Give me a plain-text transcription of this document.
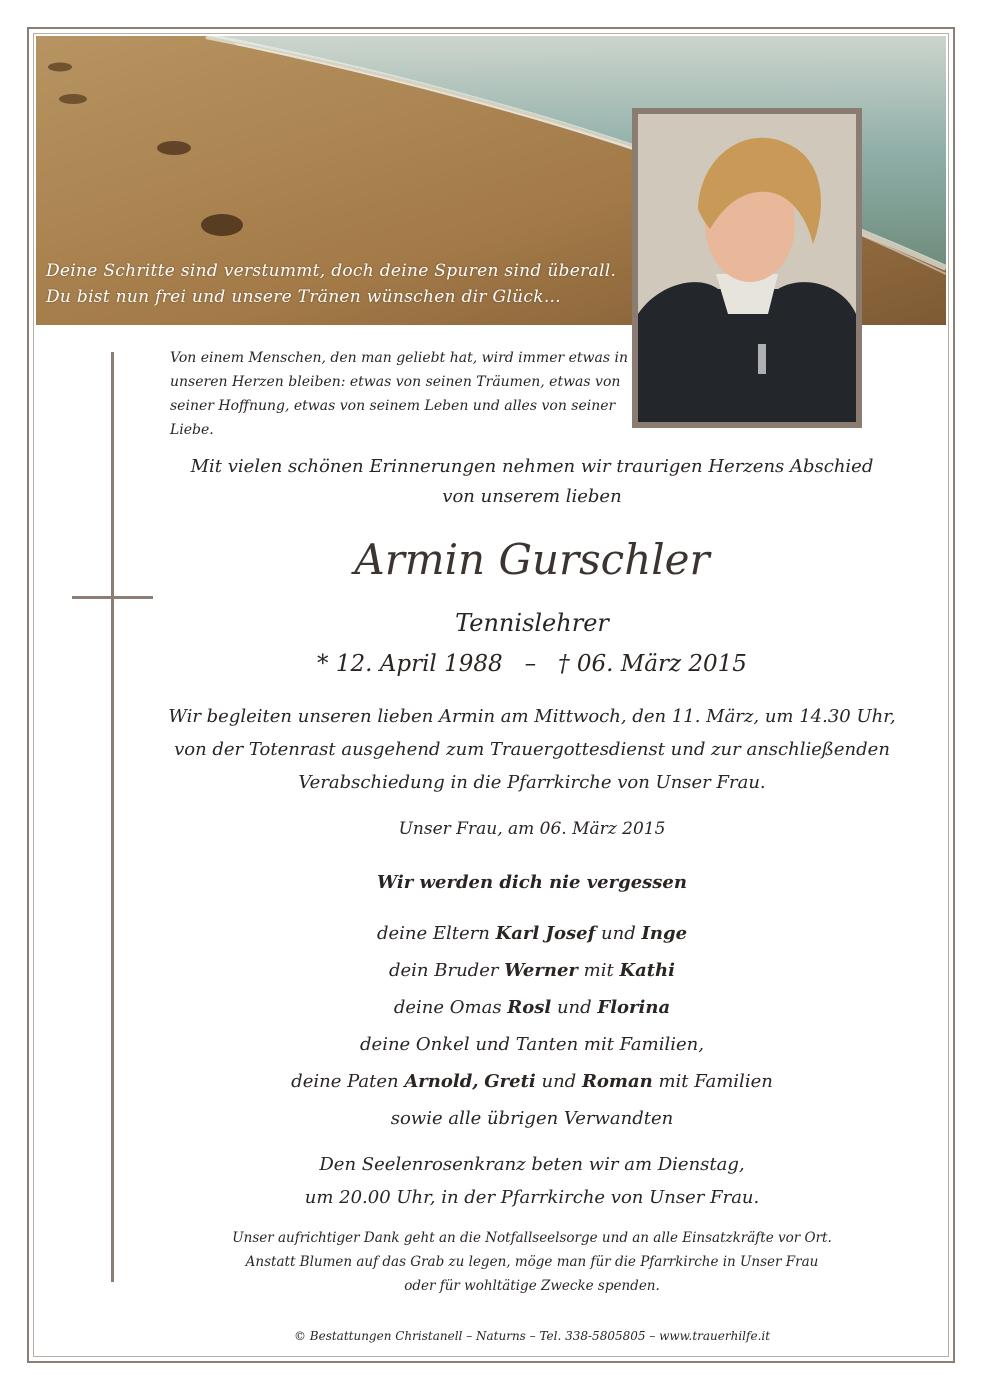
Deine Schritte sind verstummt, doch deine Spuren sind überall.
Du bist nun frei und unsere Tränen wünschen dir Glück...
Von einem Menschen, den man geliebt hat, wird immer etwas in
unseren Herzen bleiben: etwas von seinen Träumen, etwas von
seiner Hoffnung, etwas von seinem Leben und alles von seiner Liebe.
Mit vielen schönen Erinnerungen nehmen wir traurigen Herzens Abschied
von unserem lieben
Armin Gurschler
Tennislehrer
* 12. April 1988 – † 06. März 2015
Wir begleiten unseren lieben Armin am Mittwoch, den 11. März, um 14.30 Uhr,
von der Totenrast ausgehend zum Trauergottesdienst und zur anschließenden
Verabschiedung in die Pfarrkirche von Unser Frau.
Unser Frau, am 06. März 2015
Wir werden dich nie vergessen
deine Eltern Karl Josef und Inge
dein Bruder Werner mit Kathi
deine Omas Rosl und Florina
deine Onkel und Tanten mit Familien,
deine Paten Arnold, Greti und Roman mit Familien
sowie alle übrigen Verwandten
Den Seelenrosenkranz beten wir am Dienstag,
um 20.00 Uhr, in der Pfarrkirche von Unser Frau.
Unser aufrichtiger Dank geht an die Notfallseelsorge und an alle Einsatzkräfte vor Ort.
Anstatt Blumen auf das Grab zu legen, möge man für die Pfarrkirche in Unser Frau
oder für wohltätige Zwecke spenden.
© Bestattungen Christanell – Naturns – Tel. 338-5805805 – www.trauerhilfe.it
